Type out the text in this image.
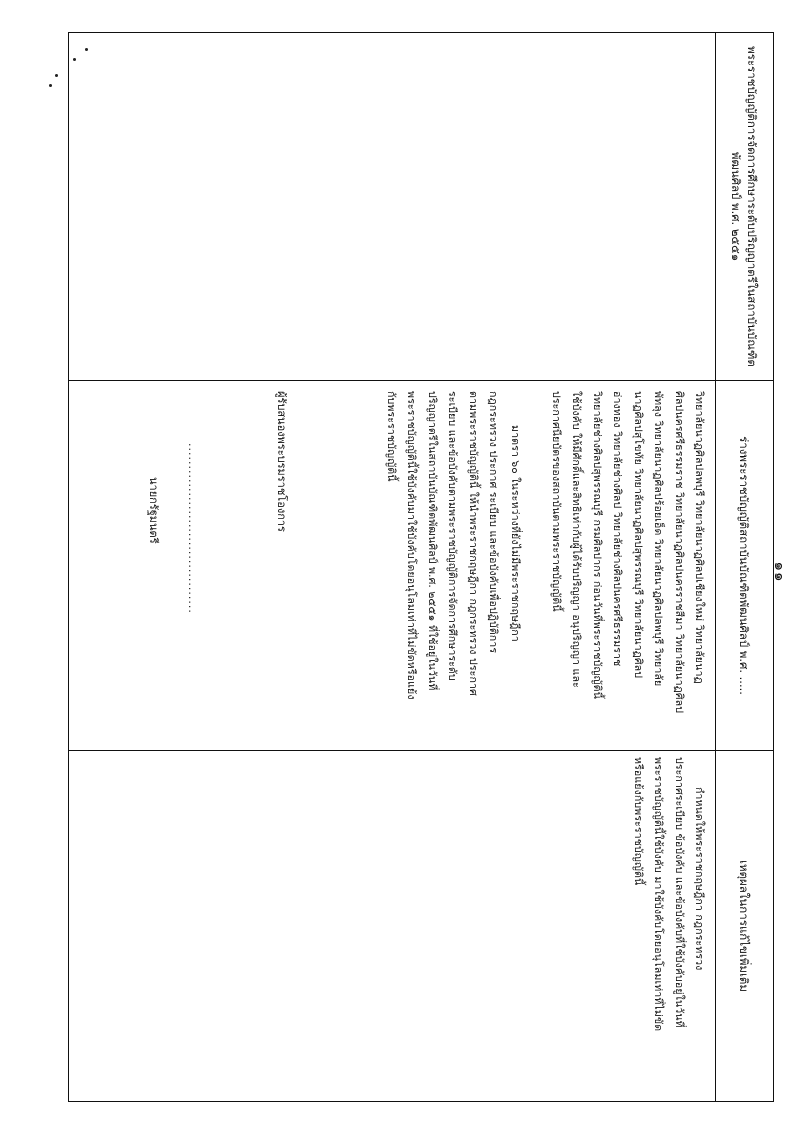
๑๑
พระราชบัญญัติการจัดการศึกษาระดับปริญญาตรีในสถาบันบัณฑิต
พัฒนศิลป์ พ.ศ. ๒๕๕๑
ร่างพระราชบัญญัติสถาบันบัณฑิตพัฒนศิลป์ พ.ศ. .....
วิทยาลัยนาฏศิลปลพบุรี วิทยาลัยนาฏศิลปเชียงใหม่ วิทยาลัยนาฏ
ศิลปนครศรีธรรมราช วิทยาลัยนาฏศิลปนครราชสีมา วิทยาลัยนาฏศิลป
พัทลุง วิทยาลัยนาฏศิลปร้อยเอ็ด วิทยาลัยนาฏศิลปลพบุรี วิทยาลัย
นาฏศิลปสุโขทัย วิทยาลัยนาฏศิลปสุพรรณบุรี วิทยาลัยนาฏศิลป
อ่างทอง วิทยาลัยช่างศิลป วิทยาลัยช่างศิลปนครศรีธรรมราช
วิทยาลัยช่างศิลปสุพรรณบุรี กรมศิลปากร ก่อนวันที่พระราชบัญญัตินี้
ใช้บังคับ ให้มีศักดิ์และสิทธิเท่ากับผู้ได้รับปริญญา อนุปริญญา และ
ประกาศนียบัตรของสถาบันตามพระราชบัญญัตินี้
มาตรา ๖๐ ในระหว่างที่ยังไม่มีพระราชกฤษฎีกา
กฎกระทรวง ประกาศ ระเบียบ และข้อบังคับเพื่อปฏิบัติการ
ตามพระราชบัญญัตินี้ ให้นำพระราชกฤษฎีกา กฎกระทรวง ประกาศ
ระเบียบ และข้อบังคับตามพระราชบัญญัติการจัดการศึกษาระดับ
ปริญญาตรีในสถาบันบัณฑิตพัฒนศิลป์ พ.ศ. ๒๕๕๑ ที่ใช้อยู่ในวันที่
พระราชบัญญัตินี้ใช้บังคับมาใช้บังคับโดยอนุโลมเท่าที่ไม่ขัดหรือแย้ง
กับพระราชบัญญัตินี้
ผู้รับสนองพระบรมราชโองการ
......................................
นายกรัฐมนตรี
เหตุผลในการแก้ไขเพิ่มเติม
กำหนดให้พระราชกฤษฎีกา กฎกระทรวง
ประกาศระเบียบ ข้อบังคับ และข้อบังคับที่ใช้บังคับอยู่ในวันที่
พระราชบัญญัตินี้ใช้บังคับ มาใช้บังคับโดยอนุโลมเท่าที่ไม่ขัด
หรือแย้งกับพระราชบัญญัตินี้
